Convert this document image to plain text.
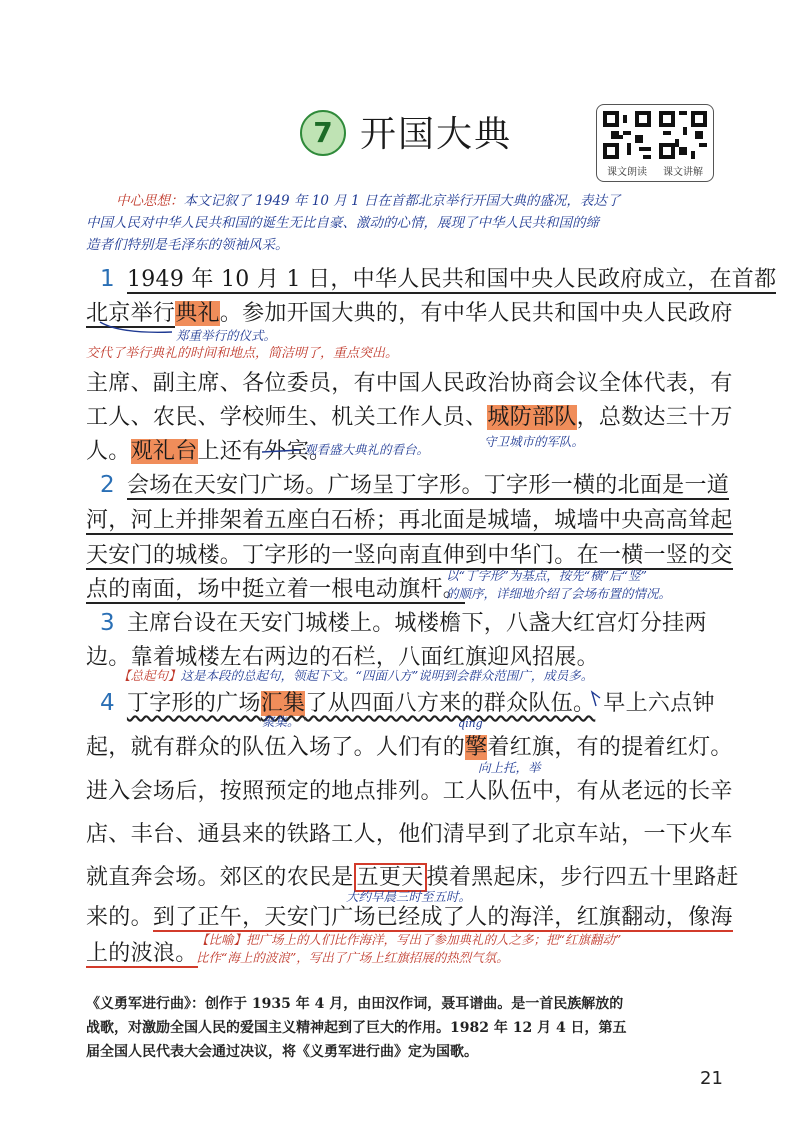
7 开国大典
课文朗读	课文讲解
中心思想：本文记叙了 1949 年 10 月 1 日在首都北京举行开国大典的盛况，表达了
中国人民对中华人民共和国的诞生无比自豪、激动的心情，展现了中华人民共和国的缔
造者们特别是毛泽东的领袖风采。
1 1949 年 10 月 1 日，中华人民共和国中央人民政府成立，在首都
北京举行典礼。参加开国大典的，有中华人民共和国中央人民政府
郑重举行的仪式。
交代了举行典礼的时间和地点，简洁明了，重点突出。
主席、副主席、各位委员，有中国人民政治协商会议全体代表，有
工人、农民、学校师生、机关工作人员、城防部队，总数达三十万
人。观礼台上还有外宾。
观看盛大典礼的看台。
守卫城市的军队。
2 会场在天安门广场。广场呈丁字形。丁字形一横的北面是一道
河，河上并排架着五座白石桥；再北面是城墙，城墙中央高高耸起
天安门的城楼。丁字形的一竖向南直伸到中华门。在一横一竖的交
点的南面，场中挺立着一根电动旗杆。
以“丁字形”为基点，按先“横”后“竖”
的顺序，详细地介绍了会场布置的情况。
3 主席台设在天安门城楼上。城楼檐下，八盏大红宫灯分挂两
边。靠着城楼左右两边的石栏，八面红旗迎风招展。
【总起句】这是本段的总起句，领起下文。“四面八方”说明到会群众范围广，成员多。
4 丁字形的广场汇集了从四面八方来的群众队伍。 早上六点钟
聚集。	qíng
起，就有群众的队伍入场了。人们有的擎着红旗，有的提着红灯。
向上托，举
进入会场后，按照预定的地点排列。工人队伍中，有从老远的长辛
店、丰台、通县来的铁路工人，他们清早到了北京车站，一下火车
就直奔会场。郊区的农民是 五更天 摸着黑起床，步行四五十里路赶
大约早晨三时至五时。
来的。到了正午，天安门广场已经成了人的海洋，红旗翻动，像海
上的波浪。
【比喻】把广场上的人们比作海洋，写出了参加典礼的人之多；把“红旗翻动”
比作“海上的波浪”，写出了广场上红旗招展的热烈气氛。
《义勇军进行曲》：创作于 1935 年 4 月，由田汉作词，聂耳谱曲。是一首民族解放的
战歌，对激励全国人民的爱国主义精神起到了巨大的作用。1982 年 12 月 4 日，第五
届全国人民代表大会通过决议，将《义勇军进行曲》定为国歌。
21
